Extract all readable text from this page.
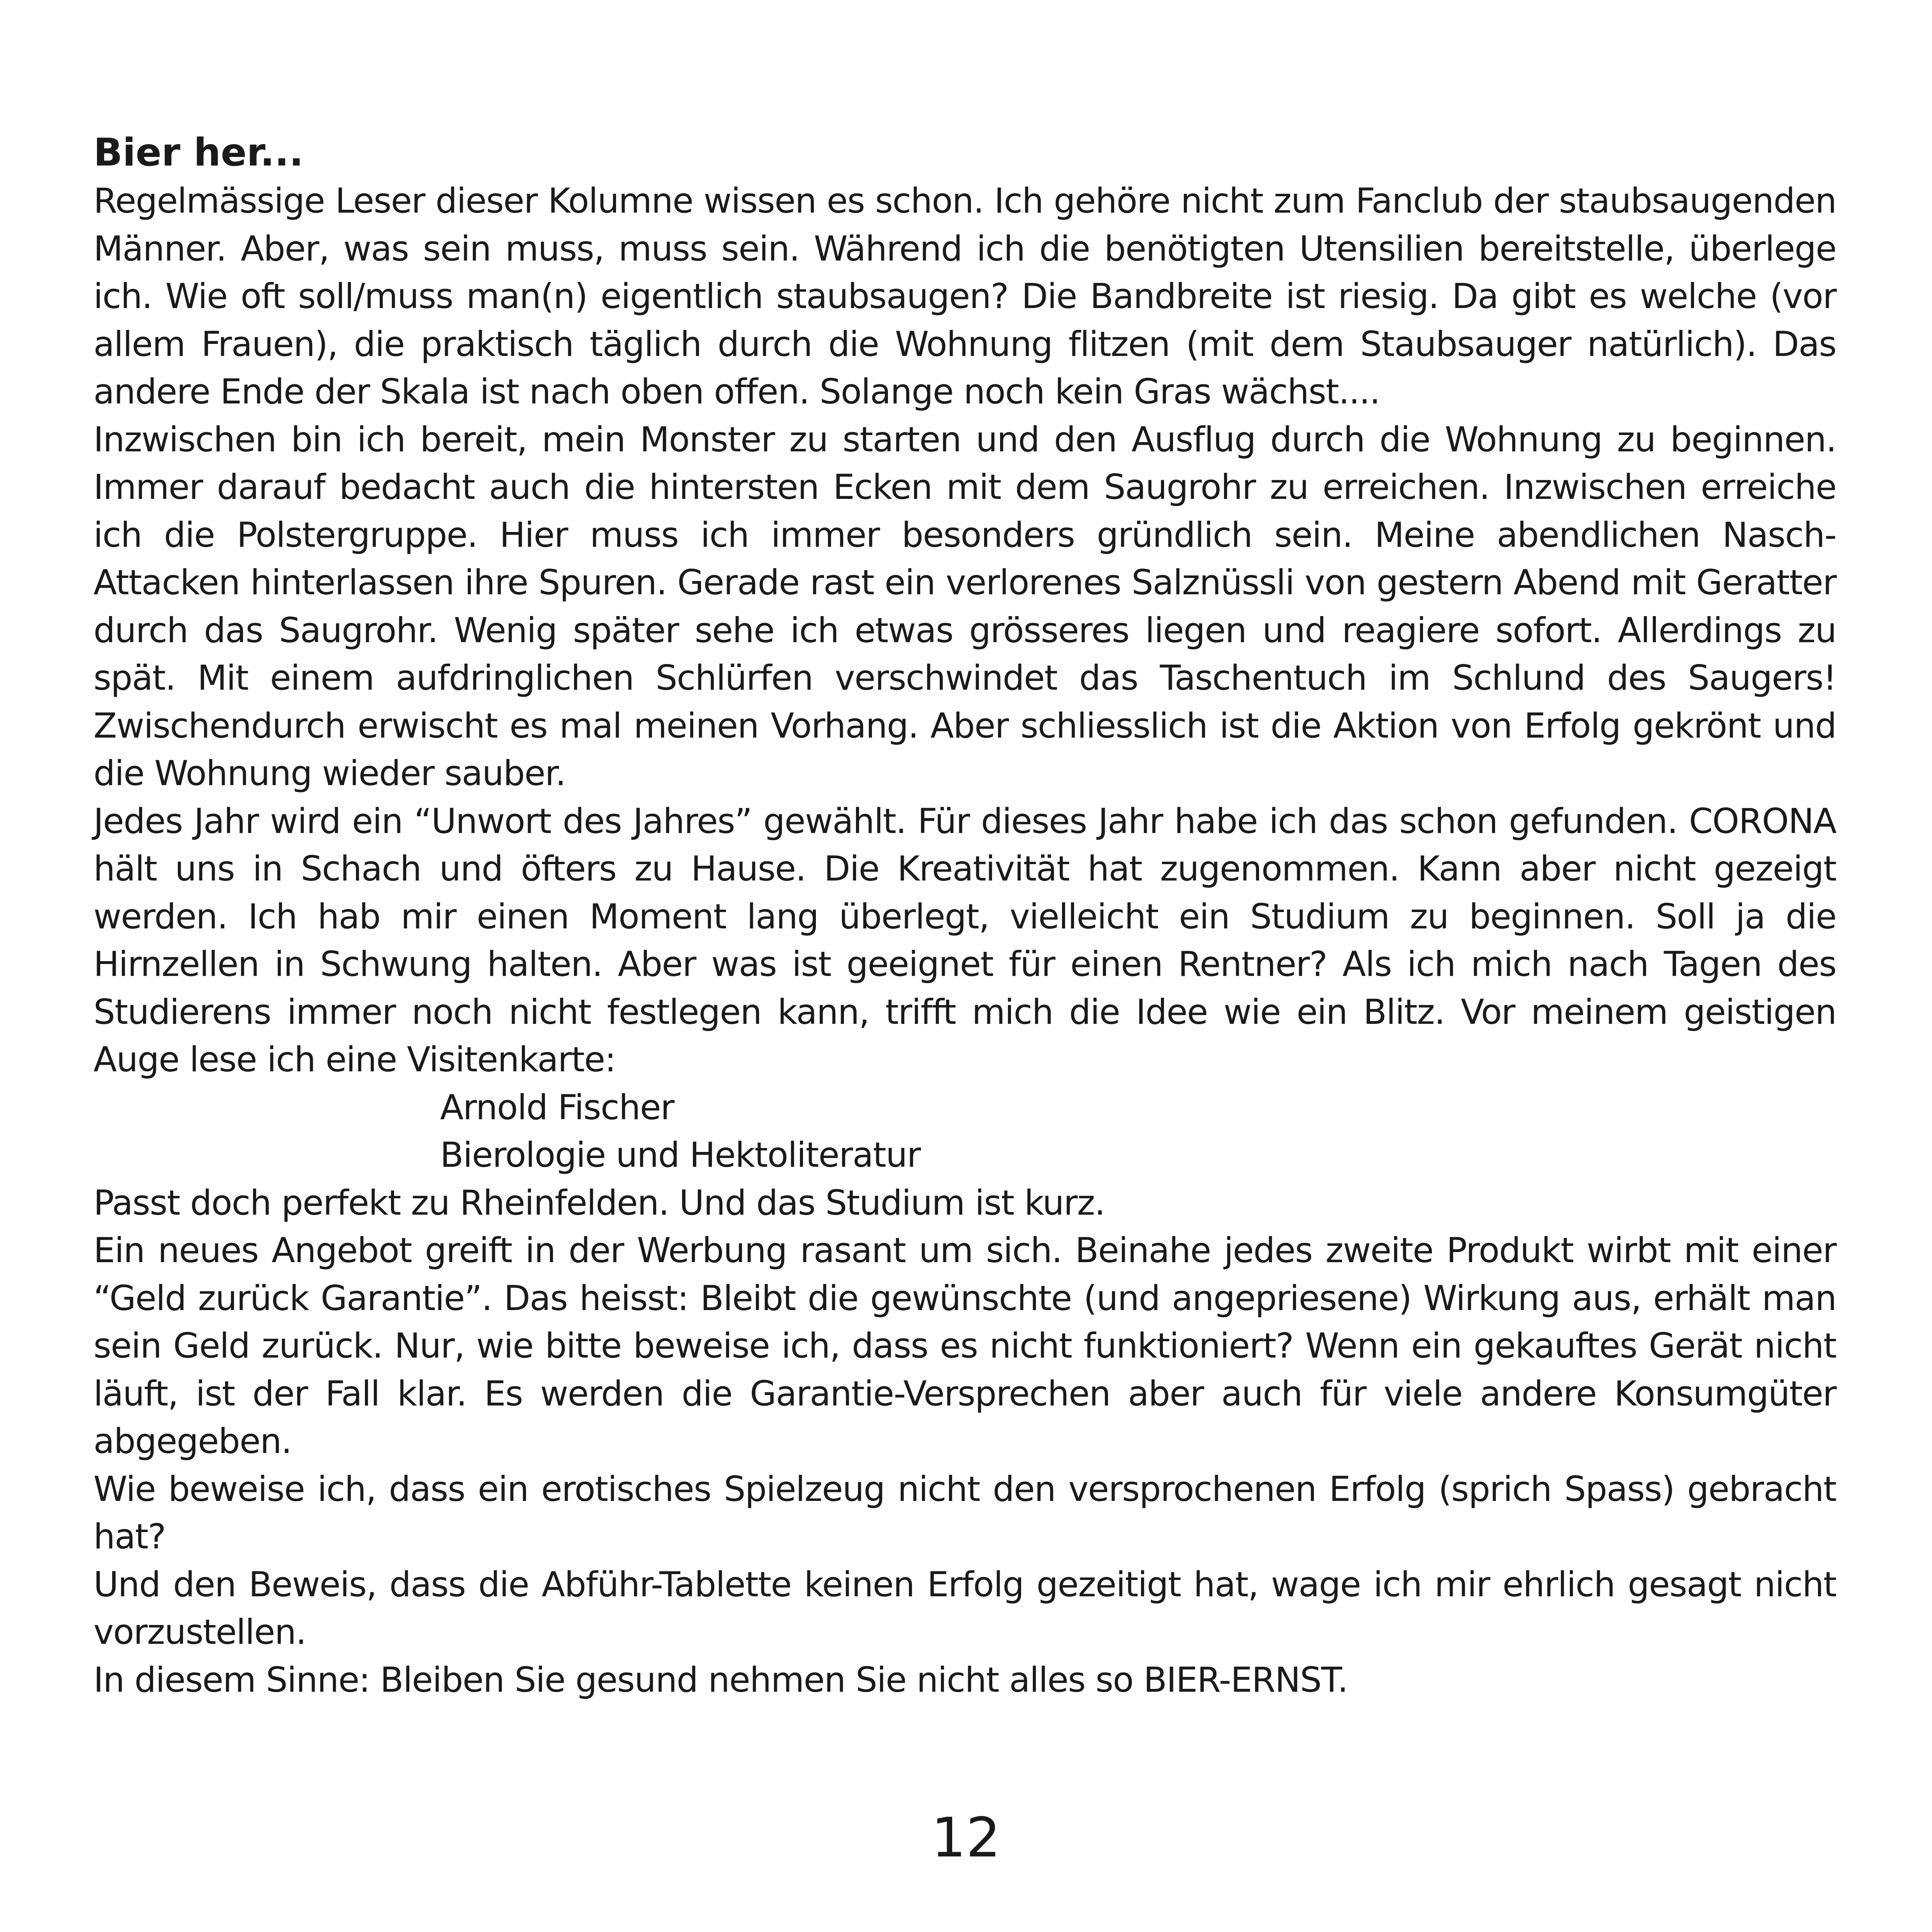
Bier her...

Regelmässige Leser dieser Kolumne wissen es schon. Ich gehöre nicht zum Fanclub der staubsaugenden Männer. Aber, was sein muss, muss sein. Während ich die benötigten Utensilien bereitstelle, überlege ich. Wie oft soll/muss man(n) eigentlich staubsaugen? Die Bandbreite ist riesig. Da gibt es welche (vor allem Frauen), die praktisch täglich durch die Wohnung flitzen (mit dem Staubsauger natürlich). Das andere Ende der Skala ist nach oben offen. Solange noch kein Gras wächst....

Inzwischen bin ich bereit, mein Monster zu starten und den Ausflug durch die Wohnung zu beginnen. Immer darauf bedacht auch die hintersten Ecken mit dem Saugrohr zu erreichen. Inzwischen erreiche ich die Polstergruppe. Hier muss ich immer besonders gründlich sein. Meine abendlichen Nasch-Attacken hinterlassen ihre Spuren. Gerade rast ein verlorenes Salznüssli von gestern Abend mit Geratter durch das Saugrohr. Wenig später sehe ich etwas grösseres liegen und reagiere sofort. Allerdings zu spät. Mit einem aufdringlichen Schlürfen verschwindet das Taschentuch im Schlund des Saugers! Zwischendurch erwischt es mal meinen Vorhang. Aber schliesslich ist die Aktion von Erfolg gekrönt und die Wohnung wieder sauber.

Jedes Jahr wird ein “Unwort des Jahres” gewählt. Für dieses Jahr habe ich das schon gefunden. CORONA hält uns in Schach und öfters zu Hause. Die Kreativität hat zugenommen. Kann aber nicht gezeigt werden. Ich hab mir einen Moment lang überlegt, vielleicht ein Studium zu beginnen. Soll ja die Hirnzellen in Schwung halten. Aber was ist geeignet für einen Rentner? Als ich mich nach Tagen des Studierens immer noch nicht festlegen kann, trifft mich die Idee wie ein Blitz. Vor meinem geistigen Auge lese ich eine Visitenkarte:

Arnold Fischer

Bierologie und Hektoliteratur

Passt doch perfekt zu Rheinfelden. Und das Studium ist kurz.

Ein neues Angebot greift in der Werbung rasant um sich. Beinahe jedes zweite Produkt wirbt mit einer “Geld zurück Garantie”. Das heisst: Bleibt die gewünschte (und angepriesene) Wirkung aus, erhält man sein Geld zurück. Nur, wie bitte beweise ich, dass es nicht funktioniert? Wenn ein gekauftes Gerät nicht läuft, ist der Fall klar. Es werden die Garantie-Versprechen aber auch für viele andere Konsumgüter abgegeben.

Wie beweise ich, dass ein erotisches Spielzeug nicht den versprochenen Erfolg (sprich Spass) gebracht hat?

Und den Beweis, dass die Abführ-Tablette keinen Erfolg gezeitigt hat, wage ich mir ehrlich gesagt nicht vorzustellen.

In diesem Sinne: Bleiben Sie gesund nehmen Sie nicht alles so BIER-ERNST.

12
